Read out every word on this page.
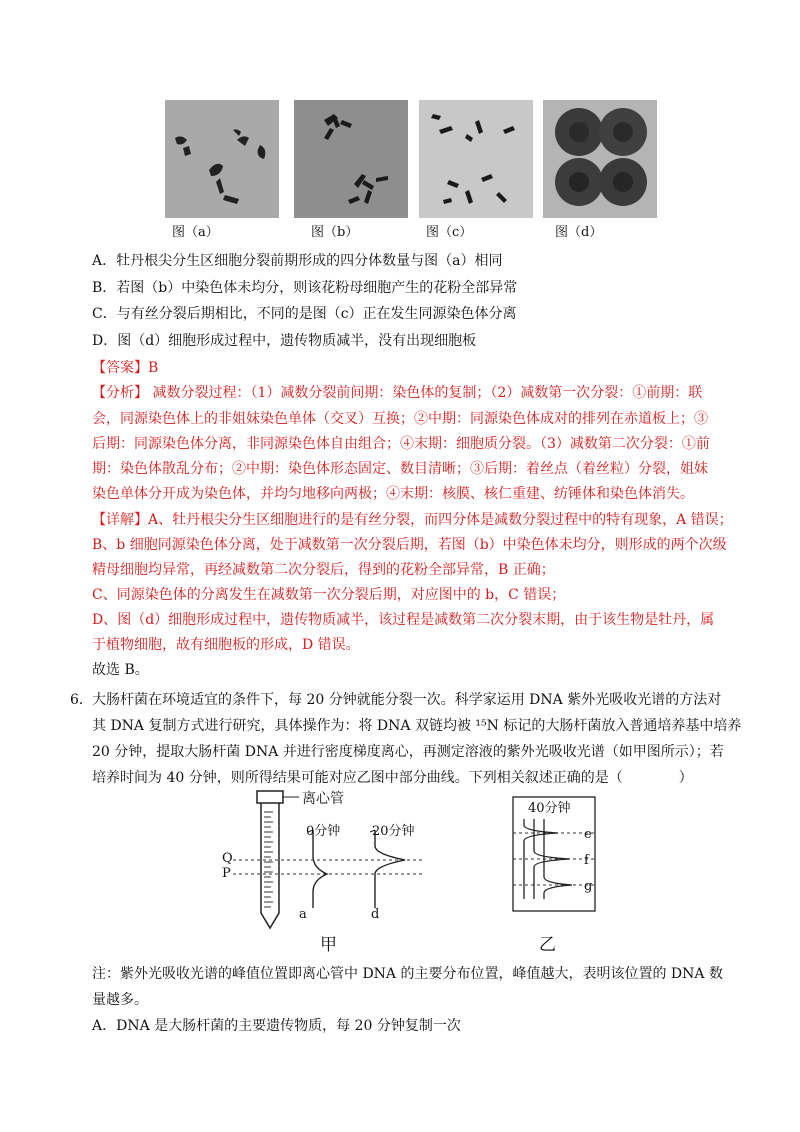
图（a）	图（b）	图（c）	图（d）
A．牡丹根尖分生区细胞分裂前期形成的四分体数量与图（a）相同
B．若图（b）中染色体未均分，则该花粉母细胞产生的花粉全部异常
C．与有丝分裂后期相比，不同的是图（c）正在发生同源染色体分离
D．图（d）细胞形成过程中，遗传物质减半，没有出现细胞板
【答案】B
【分析】 减数分裂过程：（1）减数分裂前间期：染色体的复制；（2）减数第一次分裂：①前期：联
会，同源染色体上的非姐妹染色单体（交叉）互换；②中期：同源染色体成对的排列在赤道板上；③
后期：同源染色体分离，非同源染色体自由组合；④末期：细胞质分裂。（3）减数第二次分裂：①前
期：染色体散乱分布；②中期：染色体形态固定、数目清晰；③后期：着丝点（着丝粒）分裂，姐妹
染色单体分开成为染色体，并均匀地移向两极；④末期：核膜、核仁重建、纺锤体和染色体消失。
【详解】A、牡丹根尖分生区细胞进行的是有丝分裂，而四分体是减数分裂过程中的特有现象，A 错误；
B、b 细胞同源染色体分离，处于减数第一次分裂后期，若图（b）中染色体未均分，则形成的两个次级
精母细胞均异常，再经减数第二次分裂后，得到的花粉全部异常，B 正确；
C、同源染色体的分离发生在减数第一次分裂后期，对应图中的 b，C 错误；
D、图（d）细胞形成过程中，遗传物质减半，该过程是减数第二次分裂末期，由于该生物是牡丹，属
于植物细胞，故有细胞板的形成，D 错误。
故选 B。
6． 大肠杆菌在环境适宜的条件下，每 20 分钟就能分裂一次。科学家运用 DNA 紫外光吸收光谱的方法对
其 DNA 复制方式进行研究，具体操作为：将 DNA 双链均被 ¹⁵N 标记的大肠杆菌放入普通培养基中培养
20 分钟，提取大肠杆菌 DNA 并进行密度梯度离心，再测定溶液的紫外光吸收光谱（如甲图所示）；若
培养时间为 40 分钟，则所得结果可能对应乙图中部分曲线。下列相关叙述正确的是（　　　　）
离心管
0分钟 20分钟
Q
P
a	d
甲
40分钟
e
f
g
乙
注：紫外光吸收光谱的峰值位置即离心管中 DNA 的主要分布位置，峰值越大，表明该位置的 DNA 数
量越多。
A．DNA 是大肠杆菌的主要遗传物质，每 20 分钟复制一次
